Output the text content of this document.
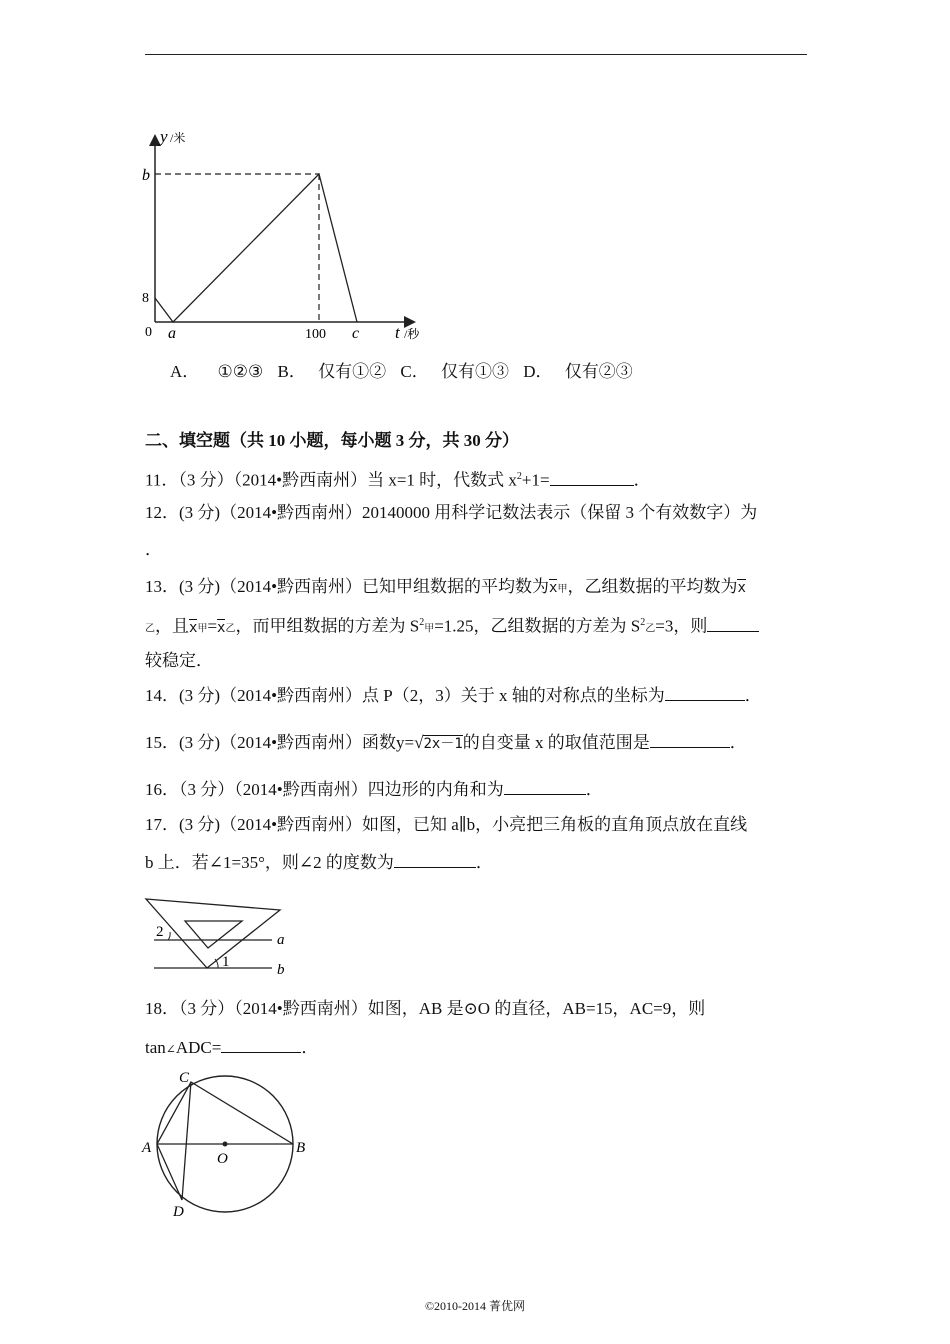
y /米
b
8
0 a	100 c t /秒
A． ①②③ B． 仅有①② C． 仅有①③ D． 仅有②③
二、填空题（共 10 小题，每小题 3 分，共 30 分）
11．（3 分）（2014•黔西南州）当 x=1 时，代数式 $x^2+1=$	．
12．(3 分)（2014•黔西南州）20140000 用科学记数法表示（保留 3 个有效数字）为
．
13．(3 分)（2014•黔西南州）已知甲组数据的平均数为x甲，乙组数据的平均数为x
乙，且x甲=x乙，而甲组数据的方差为 $S^2$甲=1.25，乙组数据的方差为 $S^2$乙=3，则
较稳定．
14．(3 分)（2014•黔西南州）点 P（2，3）关于 x 轴的对称点的坐标为	．
15．(3 分)（2014•黔西南州）函数y=√2x－1的自变量 x 的取值范围是	．
16．（3 分）（2014•黔西南州）四边形的内角和为	．
17．(3 分)（2014•黔西南州）如图，已知 a∥b，小亮把三角板的直角顶点放在直线
b 上．若∠1=35°，则∠2 的度数为	．
2
1
a
b
18．（3 分）（2014•黔西南州）如图，AB 是⊙O 的直径，AB=15，AC=9，则
tan∠ADC=	．
A	B
C
D
O
©2010-2014 菁优网
